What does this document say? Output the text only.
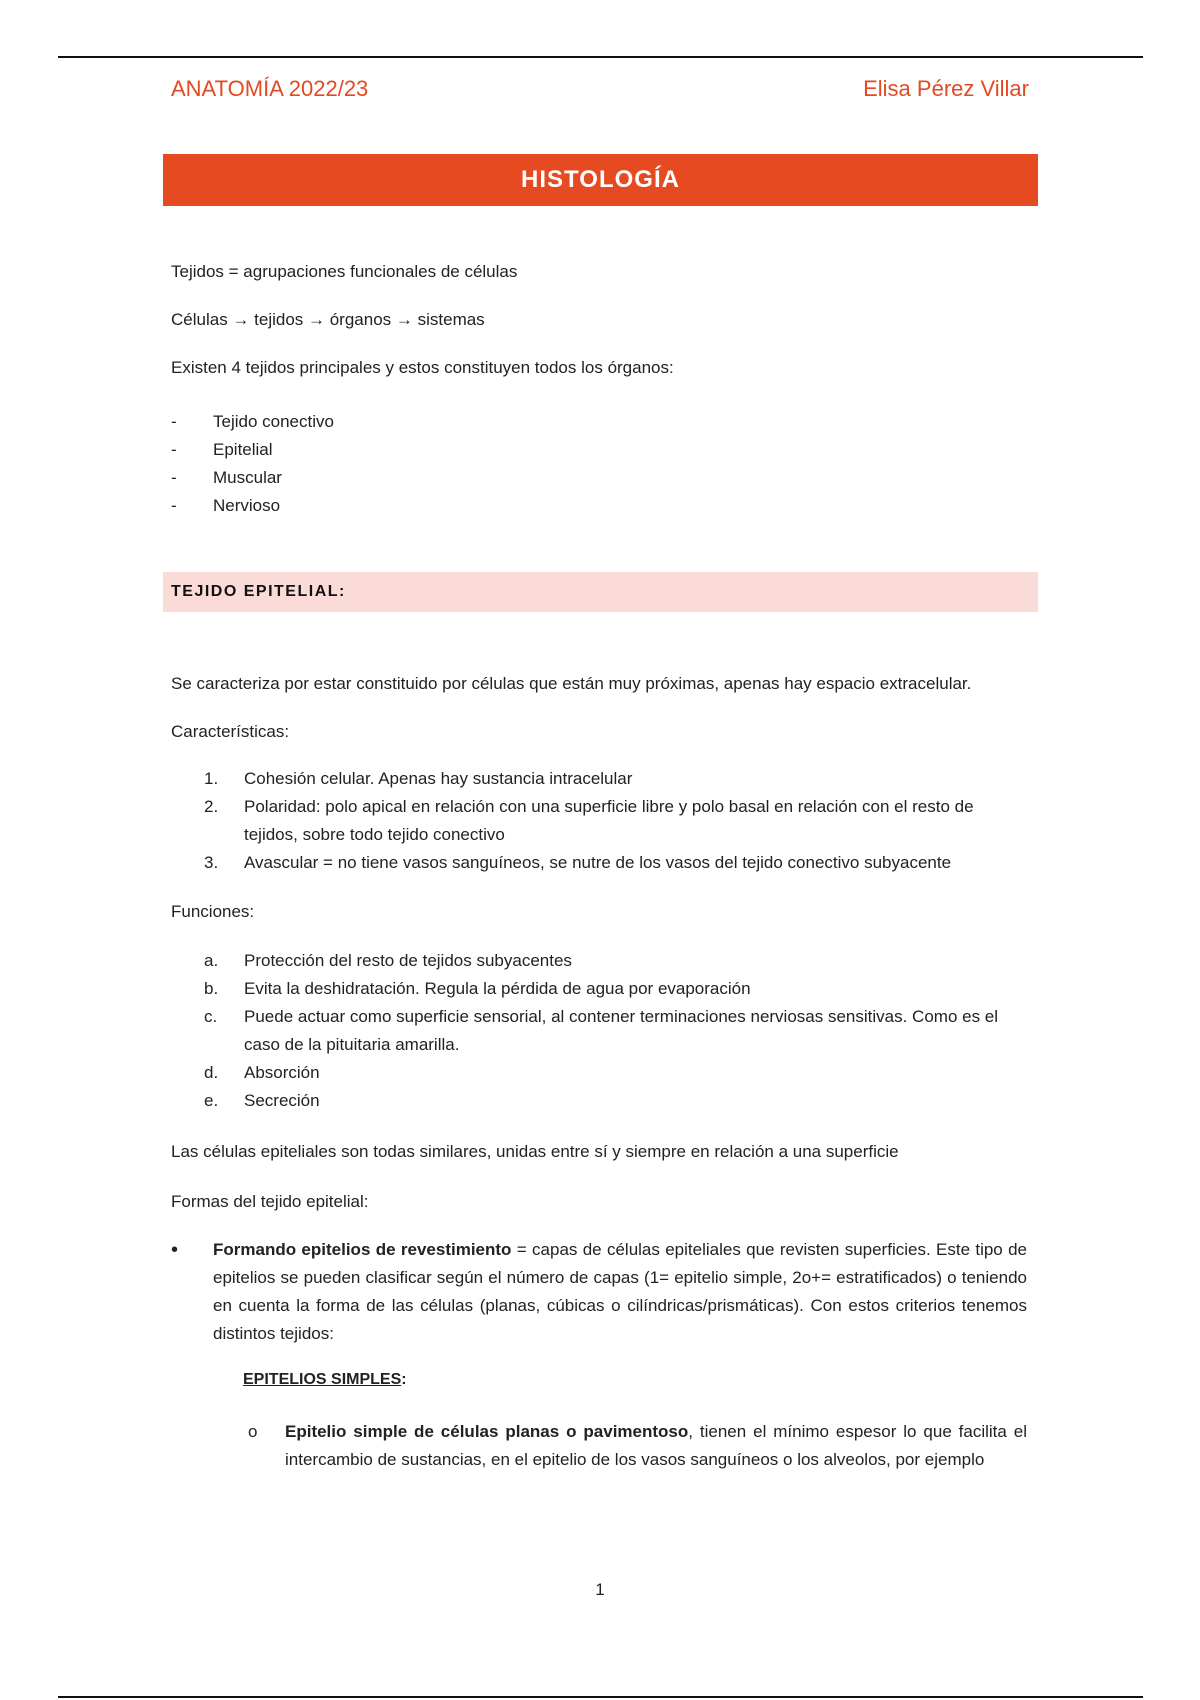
ANATOMÍA 2022/23	Elisa Pérez Villar
HISTOLOGÍA

Tejidos = agrupaciones funcionales de células

Células → tejidos → órganos → sistemas

Existen 4 tejidos principales y estos constituyen todos los órganos:

-	Tejido conectivo
-	Epitelial
-	Muscular
-	Nervioso
TEJIDO EPITELIAL:

Se caracteriza por estar constituido por células que están muy próximas, apenas hay espacio extracelular.

Características:

1.	Cohesión celular. Apenas hay sustancia intracelular
2.	Polaridad: polo apical en relación con una superficie libre y polo basal en relación con el resto de tejidos, sobre todo tejido conectivo
3.	Avascular = no tiene vasos sanguíneos, se nutre de los vasos del tejido conectivo subyacente

Funciones:

a.	Protección del resto de tejidos subyacentes
b.	Evita la deshidratación. Regula la pérdida de agua por evaporación
c.	Puede actuar como superficie sensorial, al contener terminaciones nerviosas sensitivas. Como es el caso de la pituitaria amarilla.
d.	Absorción
e.	Secreción

Las células epiteliales son todas similares, unidas entre sí y siempre en relación a una superficie

Formas del tejido epitelial:

•	Formando epitelios de revestimiento = capas de células epiteliales que revisten superficies. Este tipo de epitelios se pueden clasificar según el número de capas (1= epitelio simple, 2o+= estratificados) o teniendo en cuenta la forma de las células (planas, cúbicas o cilíndricas/prismáticas). Con estos criterios tenemos distintos tejidos:
EPITELIOS SIMPLES:
o	Epitelio simple de células planas o pavimentoso, tienen el mínimo espesor lo que facilita el intercambio de sustancias, en el epitelio de los vasos sanguíneos o los alveolos, por ejemplo
1
